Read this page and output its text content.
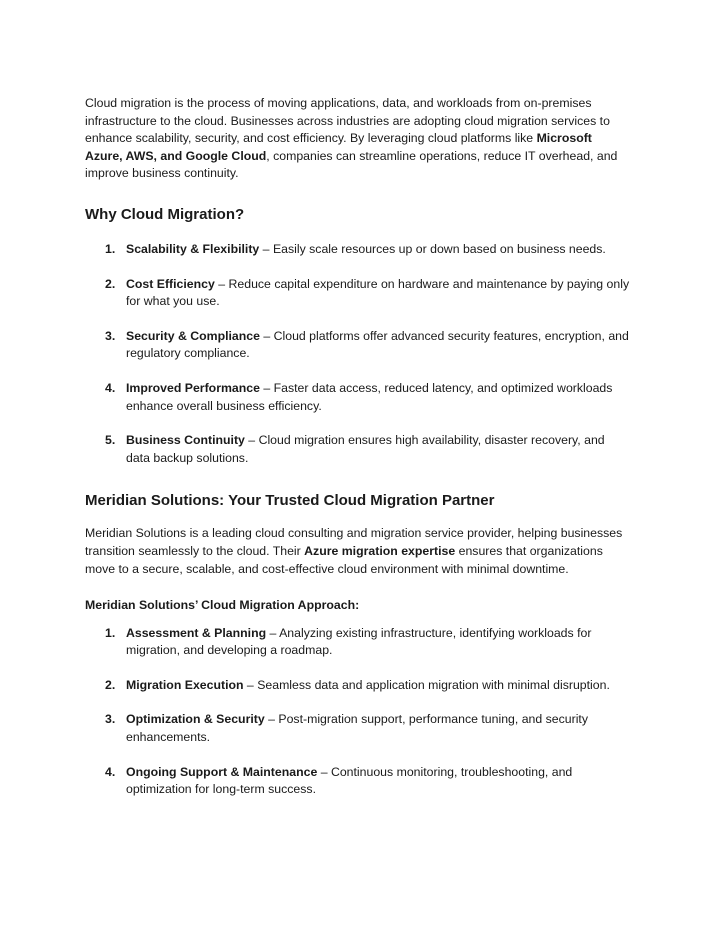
Cloud migration is the process of moving applications, data, and workloads from on-premises infrastructure to the cloud. Businesses across industries are adopting cloud migration services to enhance scalability, security, and cost efficiency. By leveraging cloud platforms like Microsoft Azure, AWS, and Google Cloud, companies can streamline operations, reduce IT overhead, and improve business continuity.

Why Cloud Migration?
1. Scalability & Flexibility – Easily scale resources up or down based on business needs.
2. Cost Efficiency – Reduce capital expenditure on hardware and maintenance by paying only for what you use.
3. Security & Compliance – Cloud platforms offer advanced security features, encryption, and regulatory compliance.
4. Improved Performance – Faster data access, reduced latency, and optimized workloads enhance overall business efficiency.
5. Business Continuity – Cloud migration ensures high availability, disaster recovery, and data backup solutions.
Meridian Solutions: Your Trusted Cloud Migration Partner

Meridian Solutions is a leading cloud consulting and migration service provider, helping businesses transition seamlessly to the cloud. Their Azure migration expertise ensures that organizations move to a secure, scalable, and cost-effective cloud environment with minimal downtime.

Meridian Solutions’ Cloud Migration Approach:

1. Assessment & Planning – Analyzing existing infrastructure, identifying workloads for migration, and developing a roadmap.
2. Migration Execution – Seamless data and application migration with minimal disruption.
3. Optimization & Security – Post-migration support, performance tuning, and security enhancements.
4. Ongoing Support & Maintenance – Continuous monitoring, troubleshooting, and optimization for long-term success.
